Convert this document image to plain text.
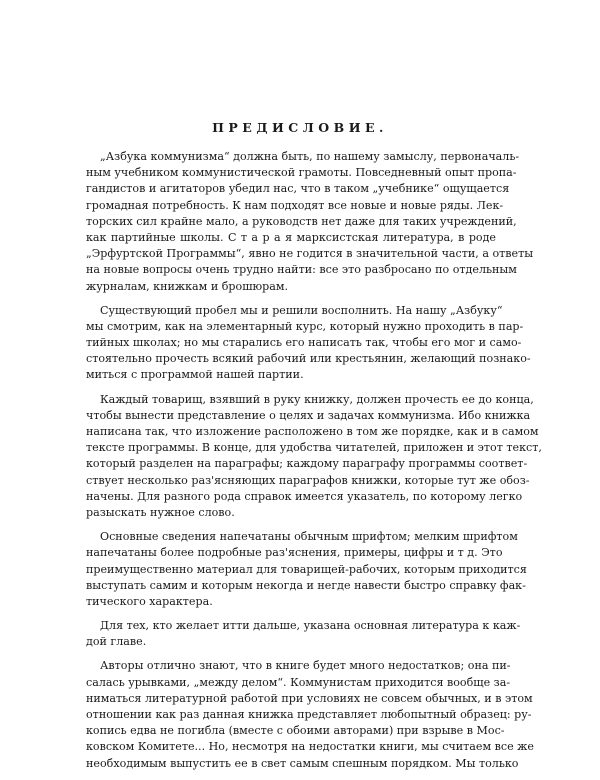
ПРЕДИСЛОВИЕ.
„Азбука коммунизма“ должна быть, по нашему замыслу, первоначаль-
ным учебником коммунистической грамоты. Повседневный опыт пропа-
гандистов и агитаторов убедил нас, что в таком „учебнике“ ощущается
громадная потребность. К нам подходят все новые и новые ряды. Лек-
торских сил крайне мало, а руководств нет даже для таких учреждений,
как партийные школы. С т а р а я марксистская литература, в роде
„Эрфуртской Программы“, явно не годится в значительной части, а ответы
на новые вопросы очень трудно найти: все это разбросано по отдельным
журналам, книжкам и брошюрам.
Существующий пробел мы и решили восполнить. На нашу „Азбуку“
мы смотрим, как на элементарный курс, который нужно проходить в пар-
тийных школах; но мы старались его написать так, чтобы его мог и само-
стоятельно прочесть всякий рабочий или крестьянин, желающий познако-
миться с программой нашей партии.
Каждый товарищ, взявший в руку книжку, должен прочесть ее до конца,
чтобы вынести представление о целях и задачах коммунизма. Ибо книжка
написана так, что изложение расположено в том же порядке, как и в самом
тексте программы. В конце, для удобства читателей, приложен и этот текст,
который разделен на параграфы; каждому параграфу программы соответ-
ствует несколько раз'ясняющих параграфов книжки, которые тут же обоз-
начены. Для разного рода справок имеется указатель, по которому легко
разыскать нужное слово.
Основные сведения напечатаны обычным шрифтом; мелким шрифтом
напечатаны более подробные раз'яснения, примеры, цифры и т д. Это
преимущественно материал для товарищей-рабочих, которым приходится
выступать самим и которым некогда и негде навести быстро справку фак-
тического характера.
Для тех, кто желает итти дальше, указана основная литература к каж-
дой главе.
Авторы отлично знают, что в книге будет много недостатков; она пи-
салась урывками, „между делом“. Коммунистам приходится вообще за-
ниматься литературной работой при условиях не совсем обычных, и в этом
отношении как раз данная книжка представляет любопытный образец: ру-
копись едва не погибла (вместе с обоими авторами) при взрыве в Мос-
ковском Комитете... Но, несмотря на недостатки книги, мы считаем все же
необходимым выпустить ее в свет самым спешным порядком. Мы только
